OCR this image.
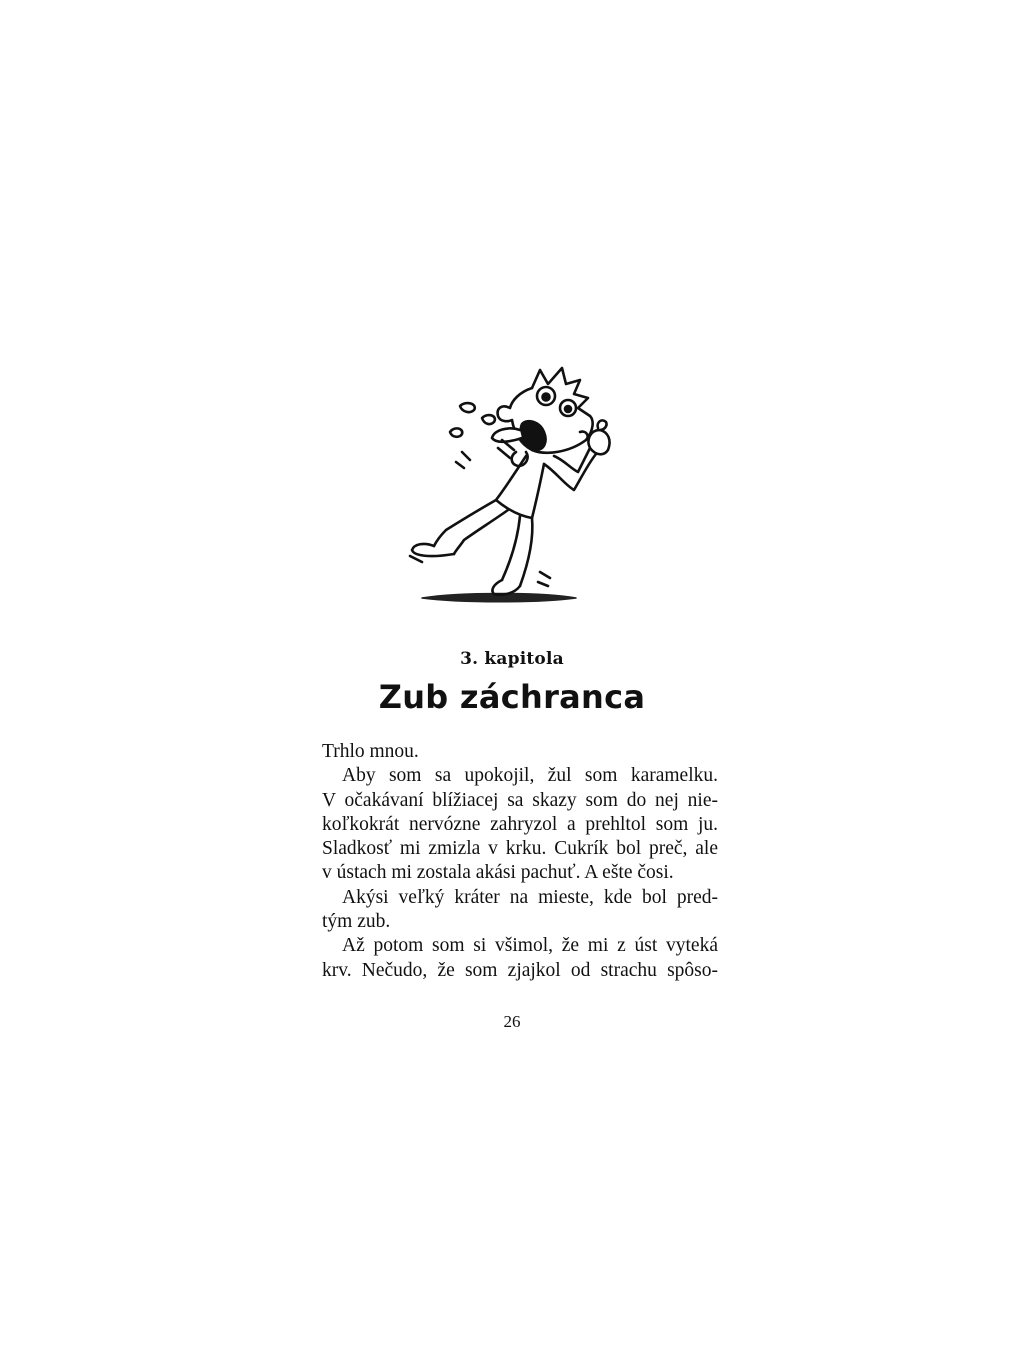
3. kapitola
Zub záchranca
Trhlo mnou.
Aby som sa upokojil, žul som karamelku.
V očakávaní blížiacej sa skazy som do nej nie-
koľkokrát nervózne zahryzol a prehltol som ju.
Sladkosť mi zmizla v krku. Cukrík bol preč, ale
v ústach mi zostala akási pachuť. A ešte čosi.
Akýsi veľký kráter na mieste, kde bol pred-
tým zub.
Až potom som si všimol, že mi z úst vyteká
krv. Nečudo, že som zjajkol od strachu spôso-
26
